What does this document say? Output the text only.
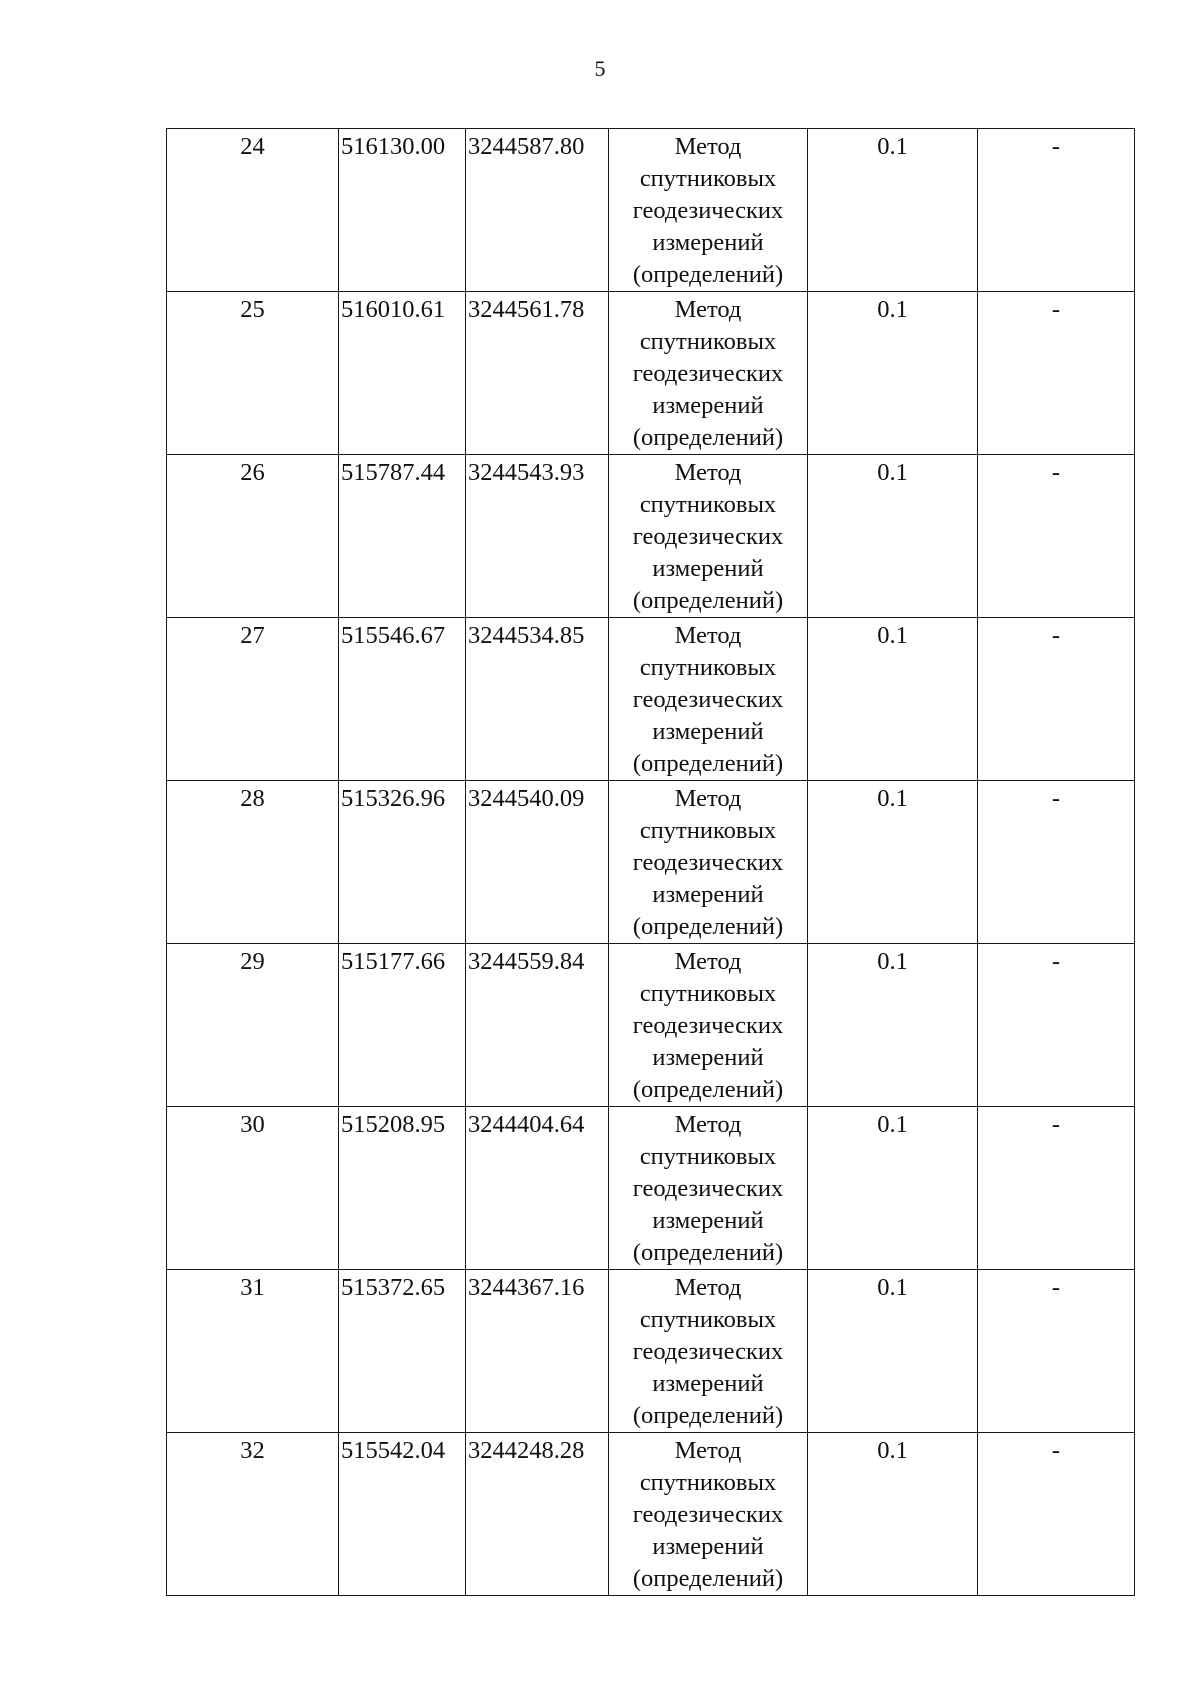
5
24	516130.00	3244587.80	Метод
спутниковых
геодезических
измерений
(определений)	0.1	-

25	516010.61	3244561.78	Метод
спутниковых
геодезических
измерений
(определений)	0.1	-

26	515787.44	3244543.93	Метод
спутниковых
геодезических
измерений
(определений)	0.1	-

27	515546.67	3244534.85	Метод
спутниковых
геодезических
измерений
(определений)	0.1	-

28	515326.96	3244540.09	Метод
спутниковых
геодезических
измерений
(определений)	0.1	-

29	515177.66	3244559.84	Метод
спутниковых
геодезических
измерений
(определений)	0.1	-

30	515208.95	3244404.64	Метод
спутниковых
геодезических
измерений
(определений)	0.1	-

31	515372.65	3244367.16	Метод
спутниковых
геодезических
измерений
(определений)	0.1	-

32	515542.04	3244248.28	Метод
спутниковых
геодезических
измерений
(определений)	0.1	-
